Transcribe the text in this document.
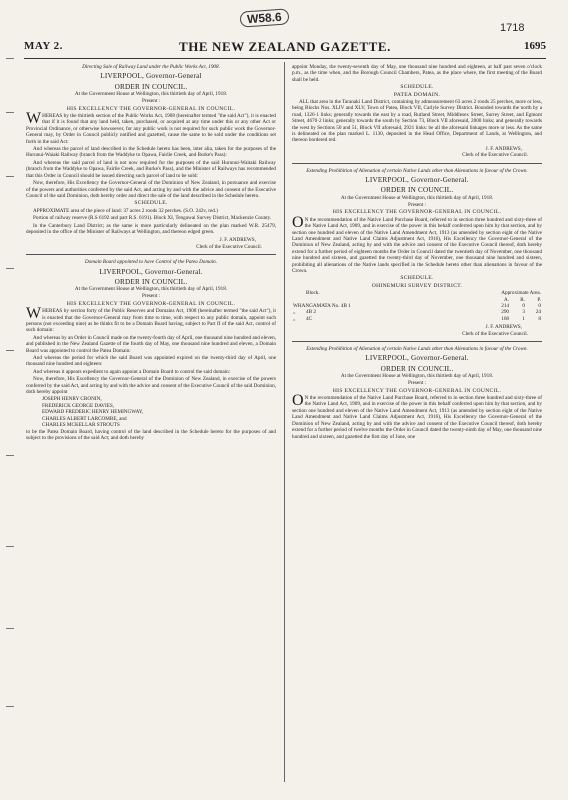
W58.6
1718
MAY 2.	THE NEW ZEALAND GAZETTE.	1695

Directing Sale of Railway Land under the Public Works Act, 1908.

LIVERPOOL, Governor-General
ORDER IN COUNCIL.

At the Government House at Wellington, this thirtieth day of April, 1918.

Present :

HIS EXCELLENCY THE GOVERNOR-GENERAL IN COUNCIL.

WHEREAS by the thirtieth section of the Public Works Act, 1908 (hereinafter termed "the said Act"), it is enacted that if it is found that any land held, taken, purchased, or acquired at any time under this or any other Act or Provincial Ordinance, or otherwise howsoever, for any public work is not required for such public work the Governor-General may, by Order in Council publicly notified and gazetted, cause the same to be sold under the conditions set forth in the said Act:

And whereas the parcel of land described in the Schedule hereto has been, inter alia, taken for the purposes of the Hurunui-Waiaki Railway (branch from the Waddyke to Opawa, Fairlie Creek, and Burke's Pass):

And whereas the said parcel of land is not now required for the purposes of the said Hurunui-Waitaki Railway (branch from the Waddyke to Opawa, Fairlie Creek, and Burke's Pass), and the Minister of Railways has recommended that this Order in Council should be issued directing such parcel of land to be sold:

Now, therefore, His Excellency the Governor-General of the Dominion of New Zealand, in pursuance and exercise of the powers and authorities conferred by the said Act, and acting by and with the advice and consent of the Executive Council of the said Dominion, doth hereby order and direct the sale of the land described in the Schedule hereto.

SCHEDULE.

APPROXIMATE area of the piece of land: 37 acres 2 roods 32 perches. (S.O. 242v, red.)

Portion of railway reserve (R.S 6192 and part R.S. 6191). Block XI, Tengawai Survey District, Mackenzie County.

In the Canterbury Land District; as the same is more particularly delineated on the plan marked W.R. 25479, deposited in the office of the Minister of Railways at Wellington, and thereon edged green.

J. F. ANDREWS,
Clerk of the Executive Council.

Domain Board appointed to have Control of the Patea Domain.

LIVERPOOL, Governor-General.
ORDER IN COUNCIL.

At the Government House at Wellington, this thirtieth day of April, 1918.

Present :

HIS EXCELLENCY THE GOVERNOR-GENERAL IN COUNCIL.

WHEREAS by section forty of the Public Reserves and Domains Act, 1908 (hereinafter termed "the said Act"), it is enacted that the Governor-General may from time to time, with respect to any public domain, appoint such persons (not exceeding nine) as he thinks fit to be a Domain Board having, subject to Part II of the said Act, control of such domain:

And whereas by an Order in Council made on the twenty-fourth day of April, one thousand nine hundred and eleven, and published in the New Zealand Gazette of the fourth day of May, one thousand nine hundred and eleven, a Domain Board was appointed to control the Patea Domain:

And whereas the period for which the said Board was appointed expired on the twenty-third day of April, one thousand nine hundred and eighteen:

And whereas it appears expedient to again appoint a Domain Board to control the said domain:

Now, therefore, His Excellency the Governor-General of the Dominion of New Zealand, in exercise of the powers conferred by the said Act, and acting by and with the advice and consent of the Executive Council of the said Dominion, doth hereby appoint

JOSEPH HENRY CRONIN,
FREDERICK GEORGE DAVIES,
EDWARD FREDERIC HENRY HEMINGWAY,
CHARLES ALBERT LARCOMBE, and
CHARLES MCKELLAR STROUTS

to be the Patea Domain Board, having control of the land described in the Schedule hereto for the purposes of and subject to the provisions of the said Act; and doth hereby

appoint Monday, the twenty-seventh day of May, one thousand nine hundred and eighteen, at half past seven o'clock p.m., as the time when, and the Borough Council Chambers, Patea, as the place where, the first meeting of the Board shall be held.

SCHEDULE.
PATEA DOMAIN.

ALL that area in the Taranaki Land District, containing by admeasurement 63 acres 2 roods 25 perches, more or less, being Blocks Nos. XLIV and XLV, Town of Patea, Block VII, Carlyle Survey District. Bounded towards the north by a road, 1326·1 links; generally towards the east by a road, Rutland Street, Middlesex Street, Surrey Street, and Egmont Street, 4670·2 links; generally towards the south by Section 73, Block VII aforesaid, 2000 links; and generally towards the west by Sections 50 and 51, Block VII aforesaid, 2921 links: be all the aforesaid linkages more or less. As the same is delineated on the plan marked L. 1130, deposited in the Head Office, Department of Lands, at Wellington, and thereon bordered red.

J. F. ANDREWS,
Clerk of the Executive Council.

Extending Prohibition of Alienation of certain Native Lands other than Alienations in favour of the Crown.

LIVERPOOL, Governor-General.
ORDER IN COUNCIL.

At the Government House at Wellington, this thirtieth day of April, 1918.

Present :

HIS EXCELLENCY THE GOVERNOR-GENERAL IN COUNCIL.

ON the recommendation of the Native Land Purchase Board, referred to in section three hundred and sixty-three of the Native Land Act, 1909, and in exercise of the power in this behalf conferred upon him by that section, and by section one hundred and eleven of the Native Land Amendment Act, 1913 (as amended by section eight of the Native Land Amendment and Native Land Claims Adjustment Act, 1916), His Excellency the Governor-General of the Dominion of New Zealand, acting by and with the advice and consent of the Executive Council thereof, doth hereby extend for a further period of eighteen months the Order in Council dated the twentieth day of November, one thousand nine hundred and sixteen, and gazetted the twenty-third day of November, one thousand nine hundred and sixteen, prohibiting all alienations of the Native lands specified in the Schedule hereto other than alienations in favour of the Crown.

SCHEDULE.
OHINEMURI SURVEY DISTRICT.
Block.	Approximate Area.		
	A.	R.	P.
WHANGAMATA No. 4B 1	214	0	0
,,        4B 2	290	3	24
,,        4C	168	1	8
J. F. ANDREWS,
Clerk of the Executive Council.

Extending Prohibition of Alienation of certain Native Lands other than Alienations in favour of the Crown.

LIVERPOOL, Governor-General.
ORDER IN COUNCIL.

At the Government House at Wellington, this thirtieth day of April, 1918.

Present :

HIS EXCELLENCY THE GOVERNOR-GENERAL IN COUNCIL.

ON the recommendation of the Native Land Purchase Board, referred to in section three hundred and sixty-three of the Native Land Act, 1909, and in exercise of the power in this behalf conferred upon him by that section, and by section one hundred and eleven of the Native Land Amendment Act, 1913 (as amended by section eight of the Native Land Amendment and Native Land Claims Adjustment Act, 1916), His Excellency the Governor-General of the Dominion of New Zealand, acting by and with the advice and consent of the Executive Council thereof, doth hereby extend for a further period of twelve months the Order in Council dated the twenty-ninth day of May, one thousand nine hundred and sixteen, and gazetted the first day of June, one
